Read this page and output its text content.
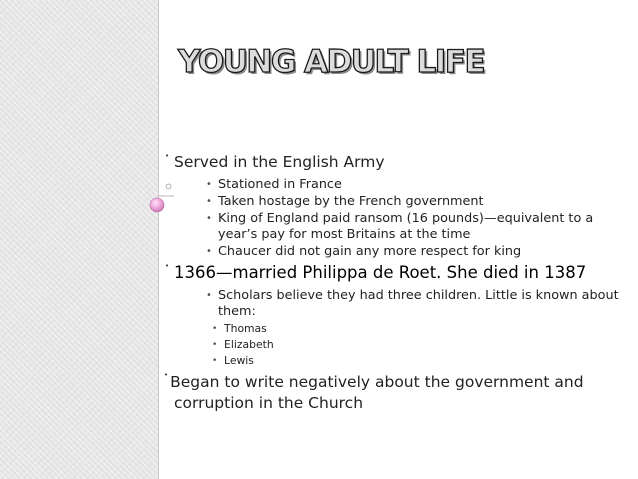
YOUNG ADULT LIFE
• Served in the English Army
• Stationed in France
• Taken hostage by the French government
• King of England paid ransom (16 pounds)—equivalent to a year’s pay for most Britains at the time
• Chaucer did not gain any more respect for king
• 1366—married Philippa de Roet. She died in 1387
• Scholars believe they had three children. Little is known about them:
• Thomas
• Elizabeth
• Lewis
• Began to write negatively about the government and corruption in the Church
